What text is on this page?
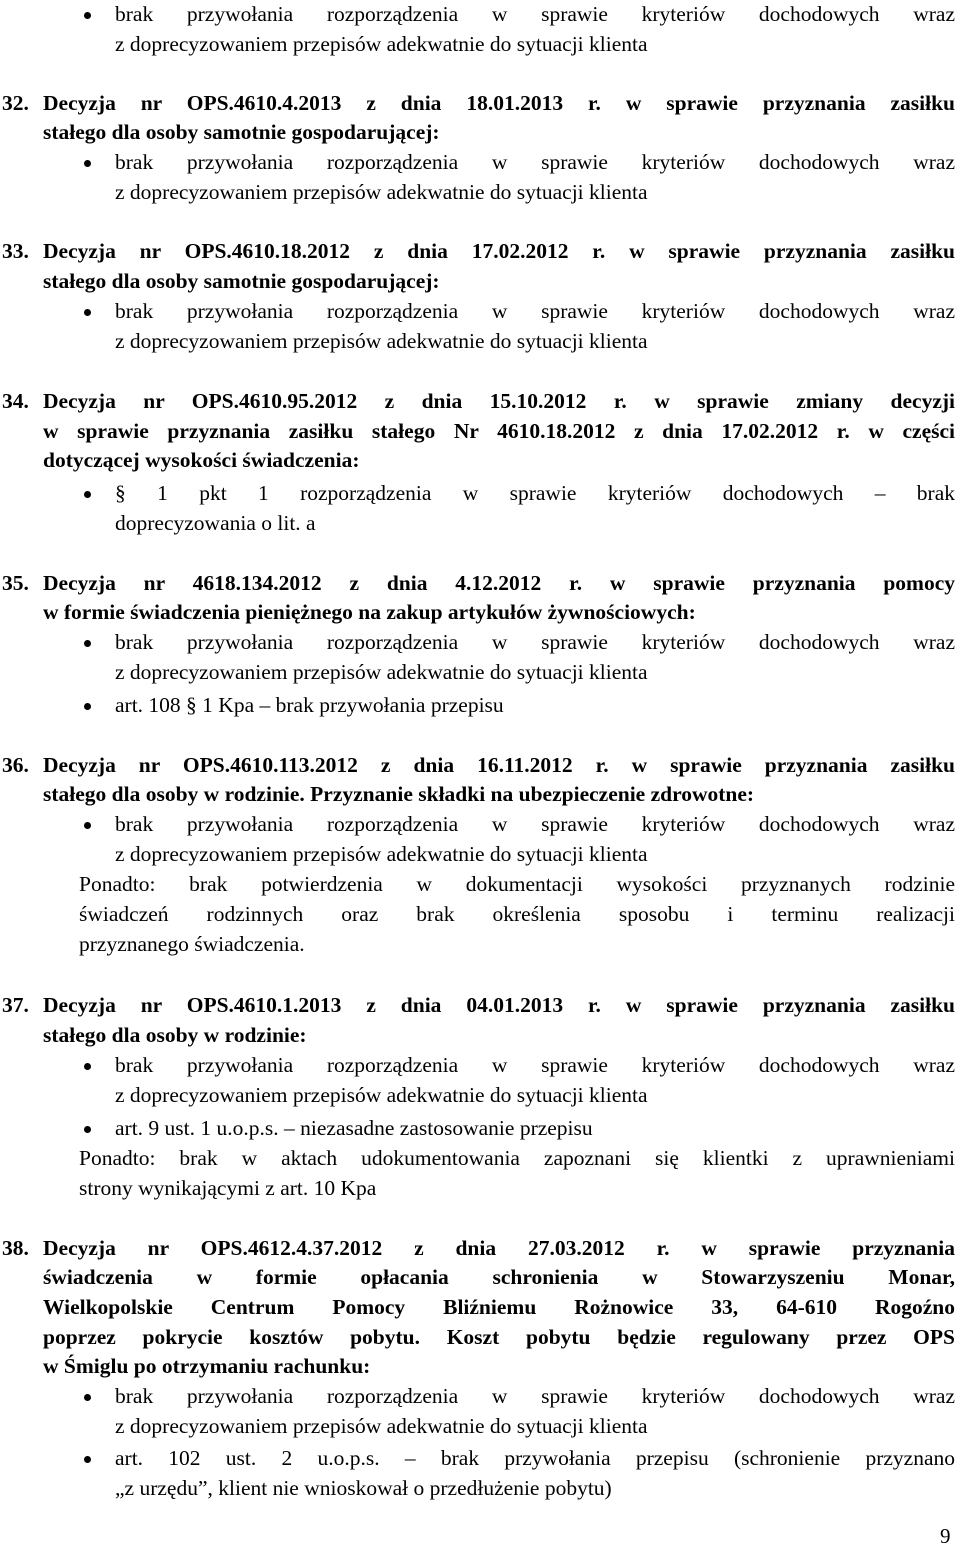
brak przywołania rozporządzenia w sprawie kryteriów dochodowych wraz
z doprecyzowaniem przepisów adekwatnie do sytuacji klienta
32. Decyzja nr OPS.4610.4.2013 z dnia 18.01.2013 r. w sprawie przyznania zasiłku
stałego dla osoby samotnie gospodarującej:
brak przywołania rozporządzenia w sprawie kryteriów dochodowych wraz
z doprecyzowaniem przepisów adekwatnie do sytuacji klienta
33. Decyzja nr OPS.4610.18.2012 z dnia 17.02.2012 r. w sprawie przyznania zasiłku
stałego dla osoby samotnie gospodarującej:
brak przywołania rozporządzenia w sprawie kryteriów dochodowych wraz
z doprecyzowaniem przepisów adekwatnie do sytuacji klienta
34. Decyzja nr OPS.4610.95.2012 z dnia 15.10.2012 r. w sprawie zmiany decyzji
w sprawie przyznania zasiłku stałego Nr 4610.18.2012 z dnia 17.02.2012 r. w części
dotyczącej wysokości świadczenia:
§ 1 pkt 1 rozporządzenia w sprawie kryteriów dochodowych – brak
doprecyzowania o lit. a
35. Decyzja nr 4618.134.2012 z dnia 4.12.2012 r. w sprawie przyznania pomocy
w formie świadczenia pieniężnego na zakup artykułów żywnościowych:
brak przywołania rozporządzenia w sprawie kryteriów dochodowych wraz
z doprecyzowaniem przepisów adekwatnie do sytuacji klienta
art. 108 § 1 Kpa – brak przywołania przepisu
36. Decyzja nr OPS.4610.113.2012 z dnia 16.11.2012 r. w sprawie przyznania zasiłku
stałego dla osoby w rodzinie. Przyznanie składki na ubezpieczenie zdrowotne:
brak przywołania rozporządzenia w sprawie kryteriów dochodowych wraz
z doprecyzowaniem przepisów adekwatnie do sytuacji klienta
Ponadto: brak potwierdzenia w dokumentacji wysokości przyznanych rodzinie
świadczeń rodzinnych oraz brak określenia sposobu i terminu realizacji
przyznanego świadczenia.
37. Decyzja nr OPS.4610.1.2013 z dnia 04.01.2013 r. w sprawie przyznania zasiłku
stałego dla osoby w rodzinie:
brak przywołania rozporządzenia w sprawie kryteriów dochodowych wraz
z doprecyzowaniem przepisów adekwatnie do sytuacji klienta
art. 9 ust. 1 u.o.p.s. – niezasadne zastosowanie przepisu
Ponadto: brak w aktach udokumentowania zapoznani się klientki z uprawnieniami
strony wynikającymi z art. 10 Kpa
38. Decyzja nr OPS.4612.4.37.2012 z dnia 27.03.2012 r. w sprawie przyznania
świadczenia w formie opłacania schronienia w Stowarzyszeniu Monar,
Wielkopolskie Centrum Pomocy Bliźniemu Rożnowice 33, 64-610 Rogoźno
poprzez pokrycie kosztów pobytu. Koszt pobytu będzie regulowany przez OPS
w Śmiglu po otrzymaniu rachunku:
brak przywołania rozporządzenia w sprawie kryteriów dochodowych wraz
z doprecyzowaniem przepisów adekwatnie do sytuacji klienta
art. 102 ust. 2 u.o.p.s. – brak przywołania przepisu (schronienie przyznano
„z urzędu”, klient nie wnioskował o przedłużenie pobytu)
9
